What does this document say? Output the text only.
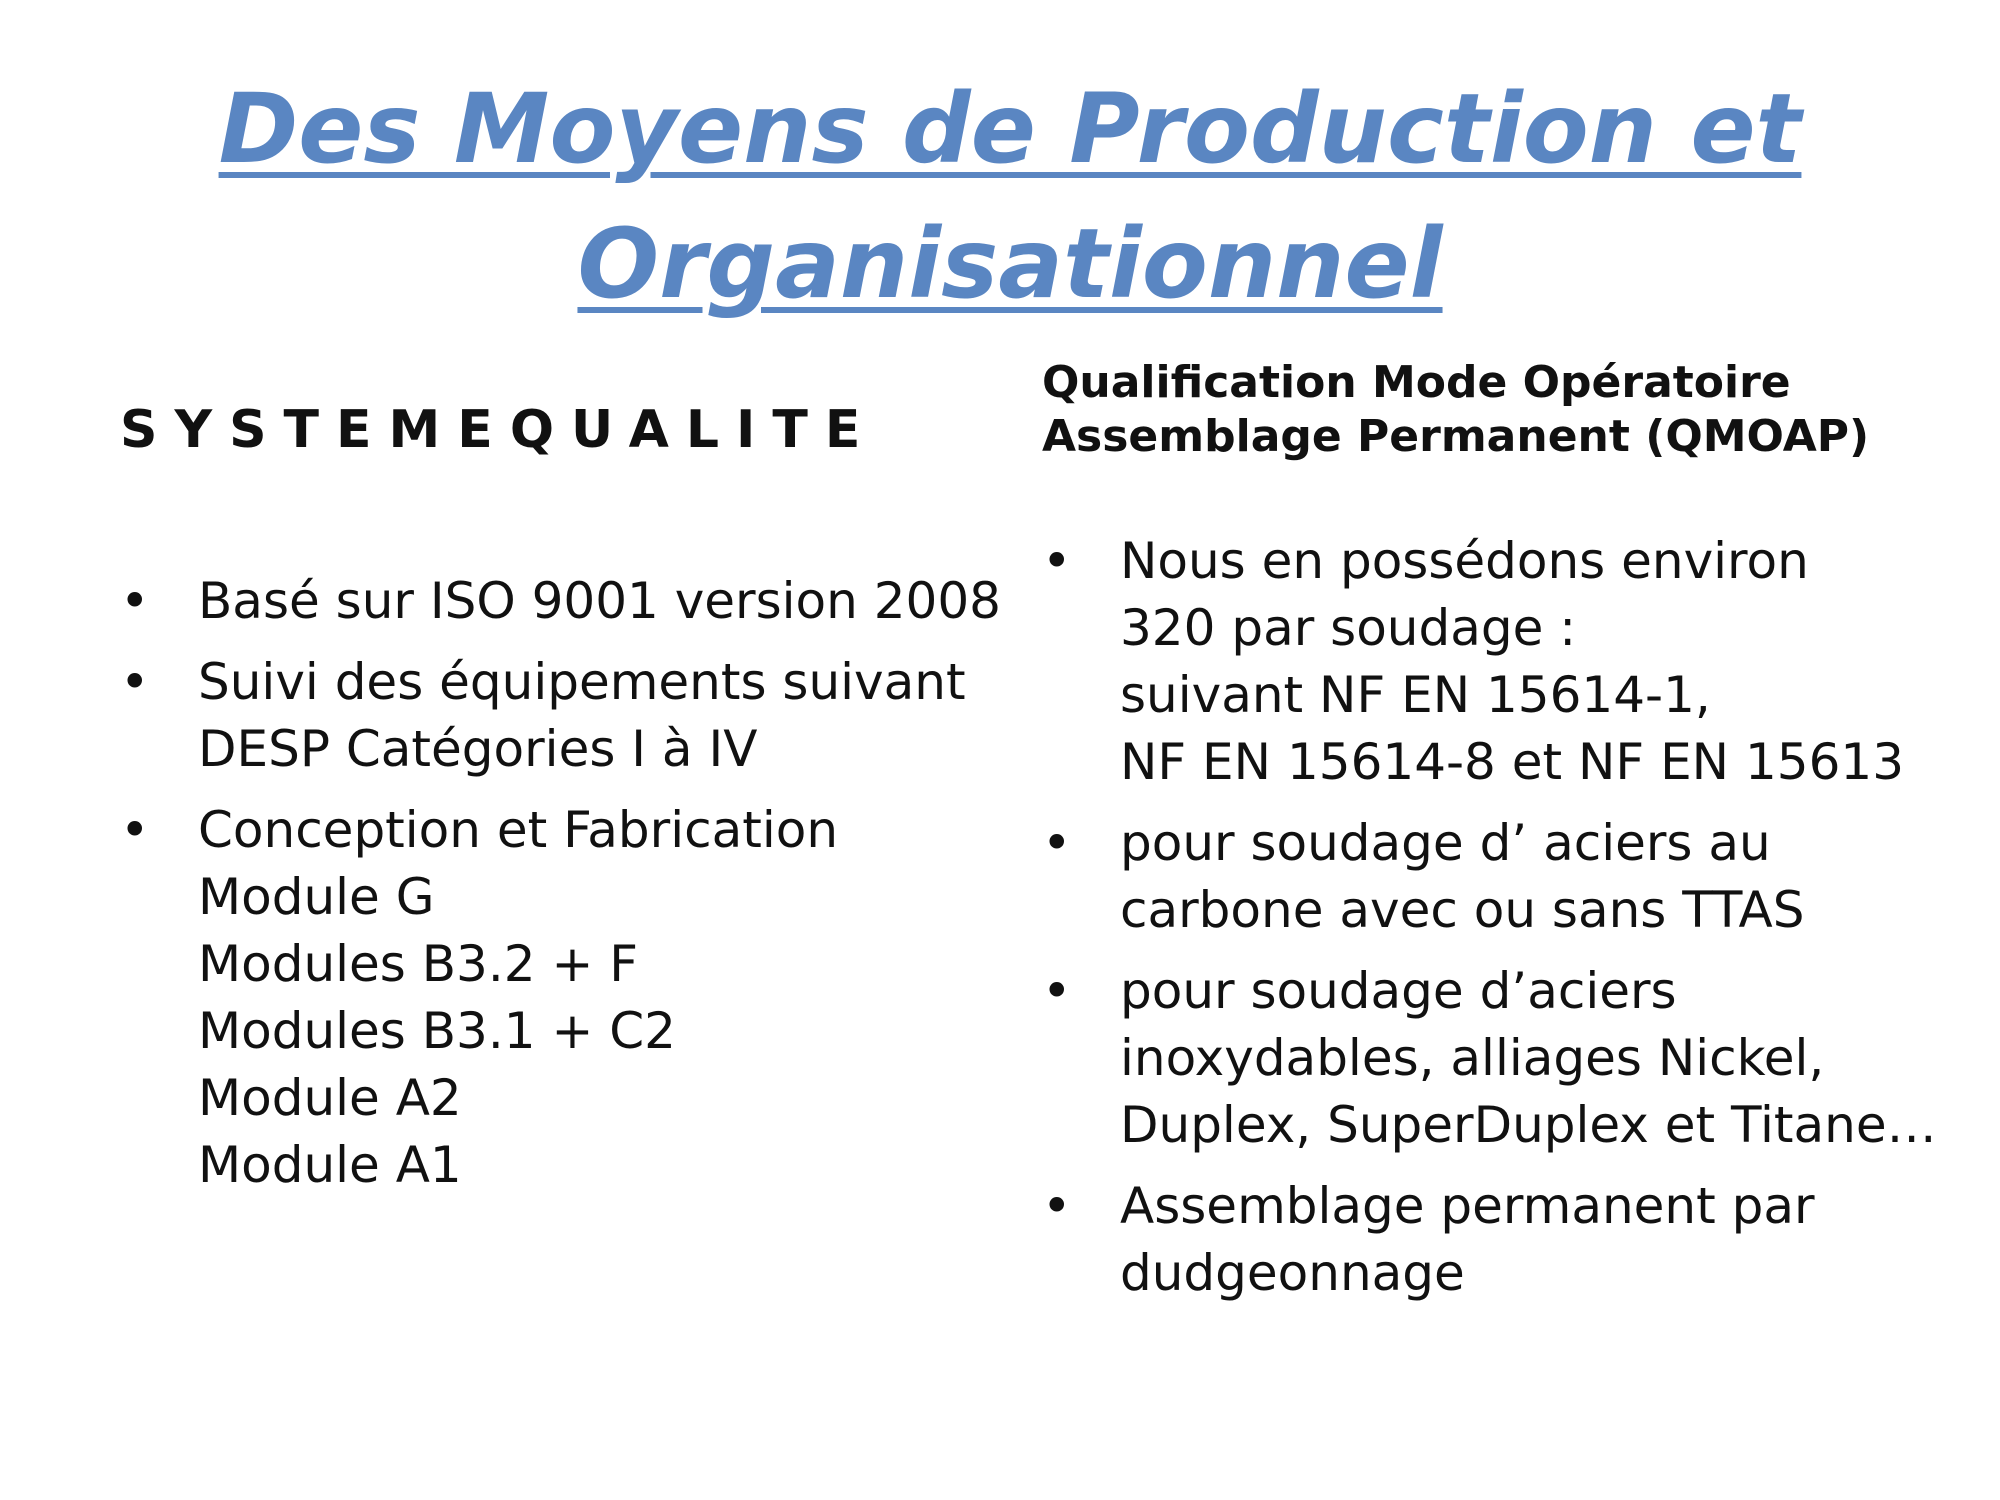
Des Moyens de Production et
Organisationnel
SYSTEMEQUALITE
Qualification Mode Opératoire
Assemblage Permanent (QMOAP)
• Basé sur ISO 9001 version 2008
• Suivi des équipements suivant
DESP Catégories I à IV
• Conception et Fabrication
Module G
Modules B3.2 + F
Modules B3.1 + C2
Module A2
Module A1
• Nous en possédons environ
320 par soudage :
suivant NF EN 15614-1,
NF EN 15614-8 et NF EN 15613
• pour soudage d’ aciers au
carbone avec ou sans TTAS
• pour soudage d’aciers
inoxydables, alliages Nickel,
Duplex, SuperDuplex et Titane…
• Assemblage permanent par
dudgeonnage
